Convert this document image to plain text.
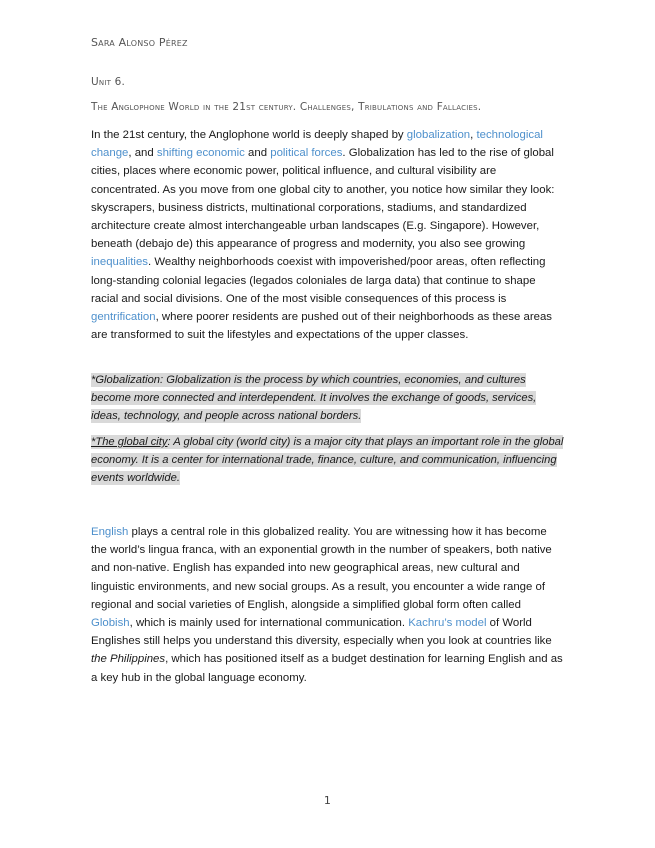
Sara Alonso Pérez
Unit 6.
The Anglophone World in the 21st century. Challenges, Tribulations and Fallacies.

In the 21st century, the Anglophone world is deeply shaped by globalization, technological change, and shifting economic and political forces. Globalization has led to the rise of global cities, places where economic power, political influence, and cultural visibility are concentrated. As you move from one global city to another, you notice how similar they look: skyscrapers, business districts, multinational corporations, stadiums, and standardized architecture create almost interchangeable urban landscapes (E.g. Singapore). However, beneath (debajo de) this appearance of progress and modernity, you also see growing inequalities. Wealthy neighborhoods coexist with impoverished/poor areas, often reflecting long-standing colonial legacies (legados coloniales de larga data) that continue to shape racial and social divisions. One of the most visible consequences of this process is gentrification, where poorer residents are pushed out of their neighborhoods as these areas are transformed to suit the lifestyles and expectations of the upper classes.

*Globalization: Globalization is the process by which countries, economies, and cultures become more connected and interdependent. It involves the exchange of goods, services, ideas, technology, and people across national borders.

*The global city: A global city (world city) is a major city that plays an important role in the global economy. It is a center for international trade, finance, culture, and communication, influencing events worldwide.

English plays a central role in this globalized reality. You are witnessing how it has become the world’s lingua franca, with an exponential growth in the number of speakers, both native and non-native. English has expanded into new geographical areas, new cultural and linguistic environments, and new social groups. As a result, you encounter a wide range of regional and social varieties of English, alongside a simplified global form often called Globish, which is mainly used for international communication. Kachru’s model of World Englishes still helps you understand this diversity, especially when you look at countries like the Philippines, which has positioned itself as a budget destination for learning English and as a key hub in the global language economy.

1
